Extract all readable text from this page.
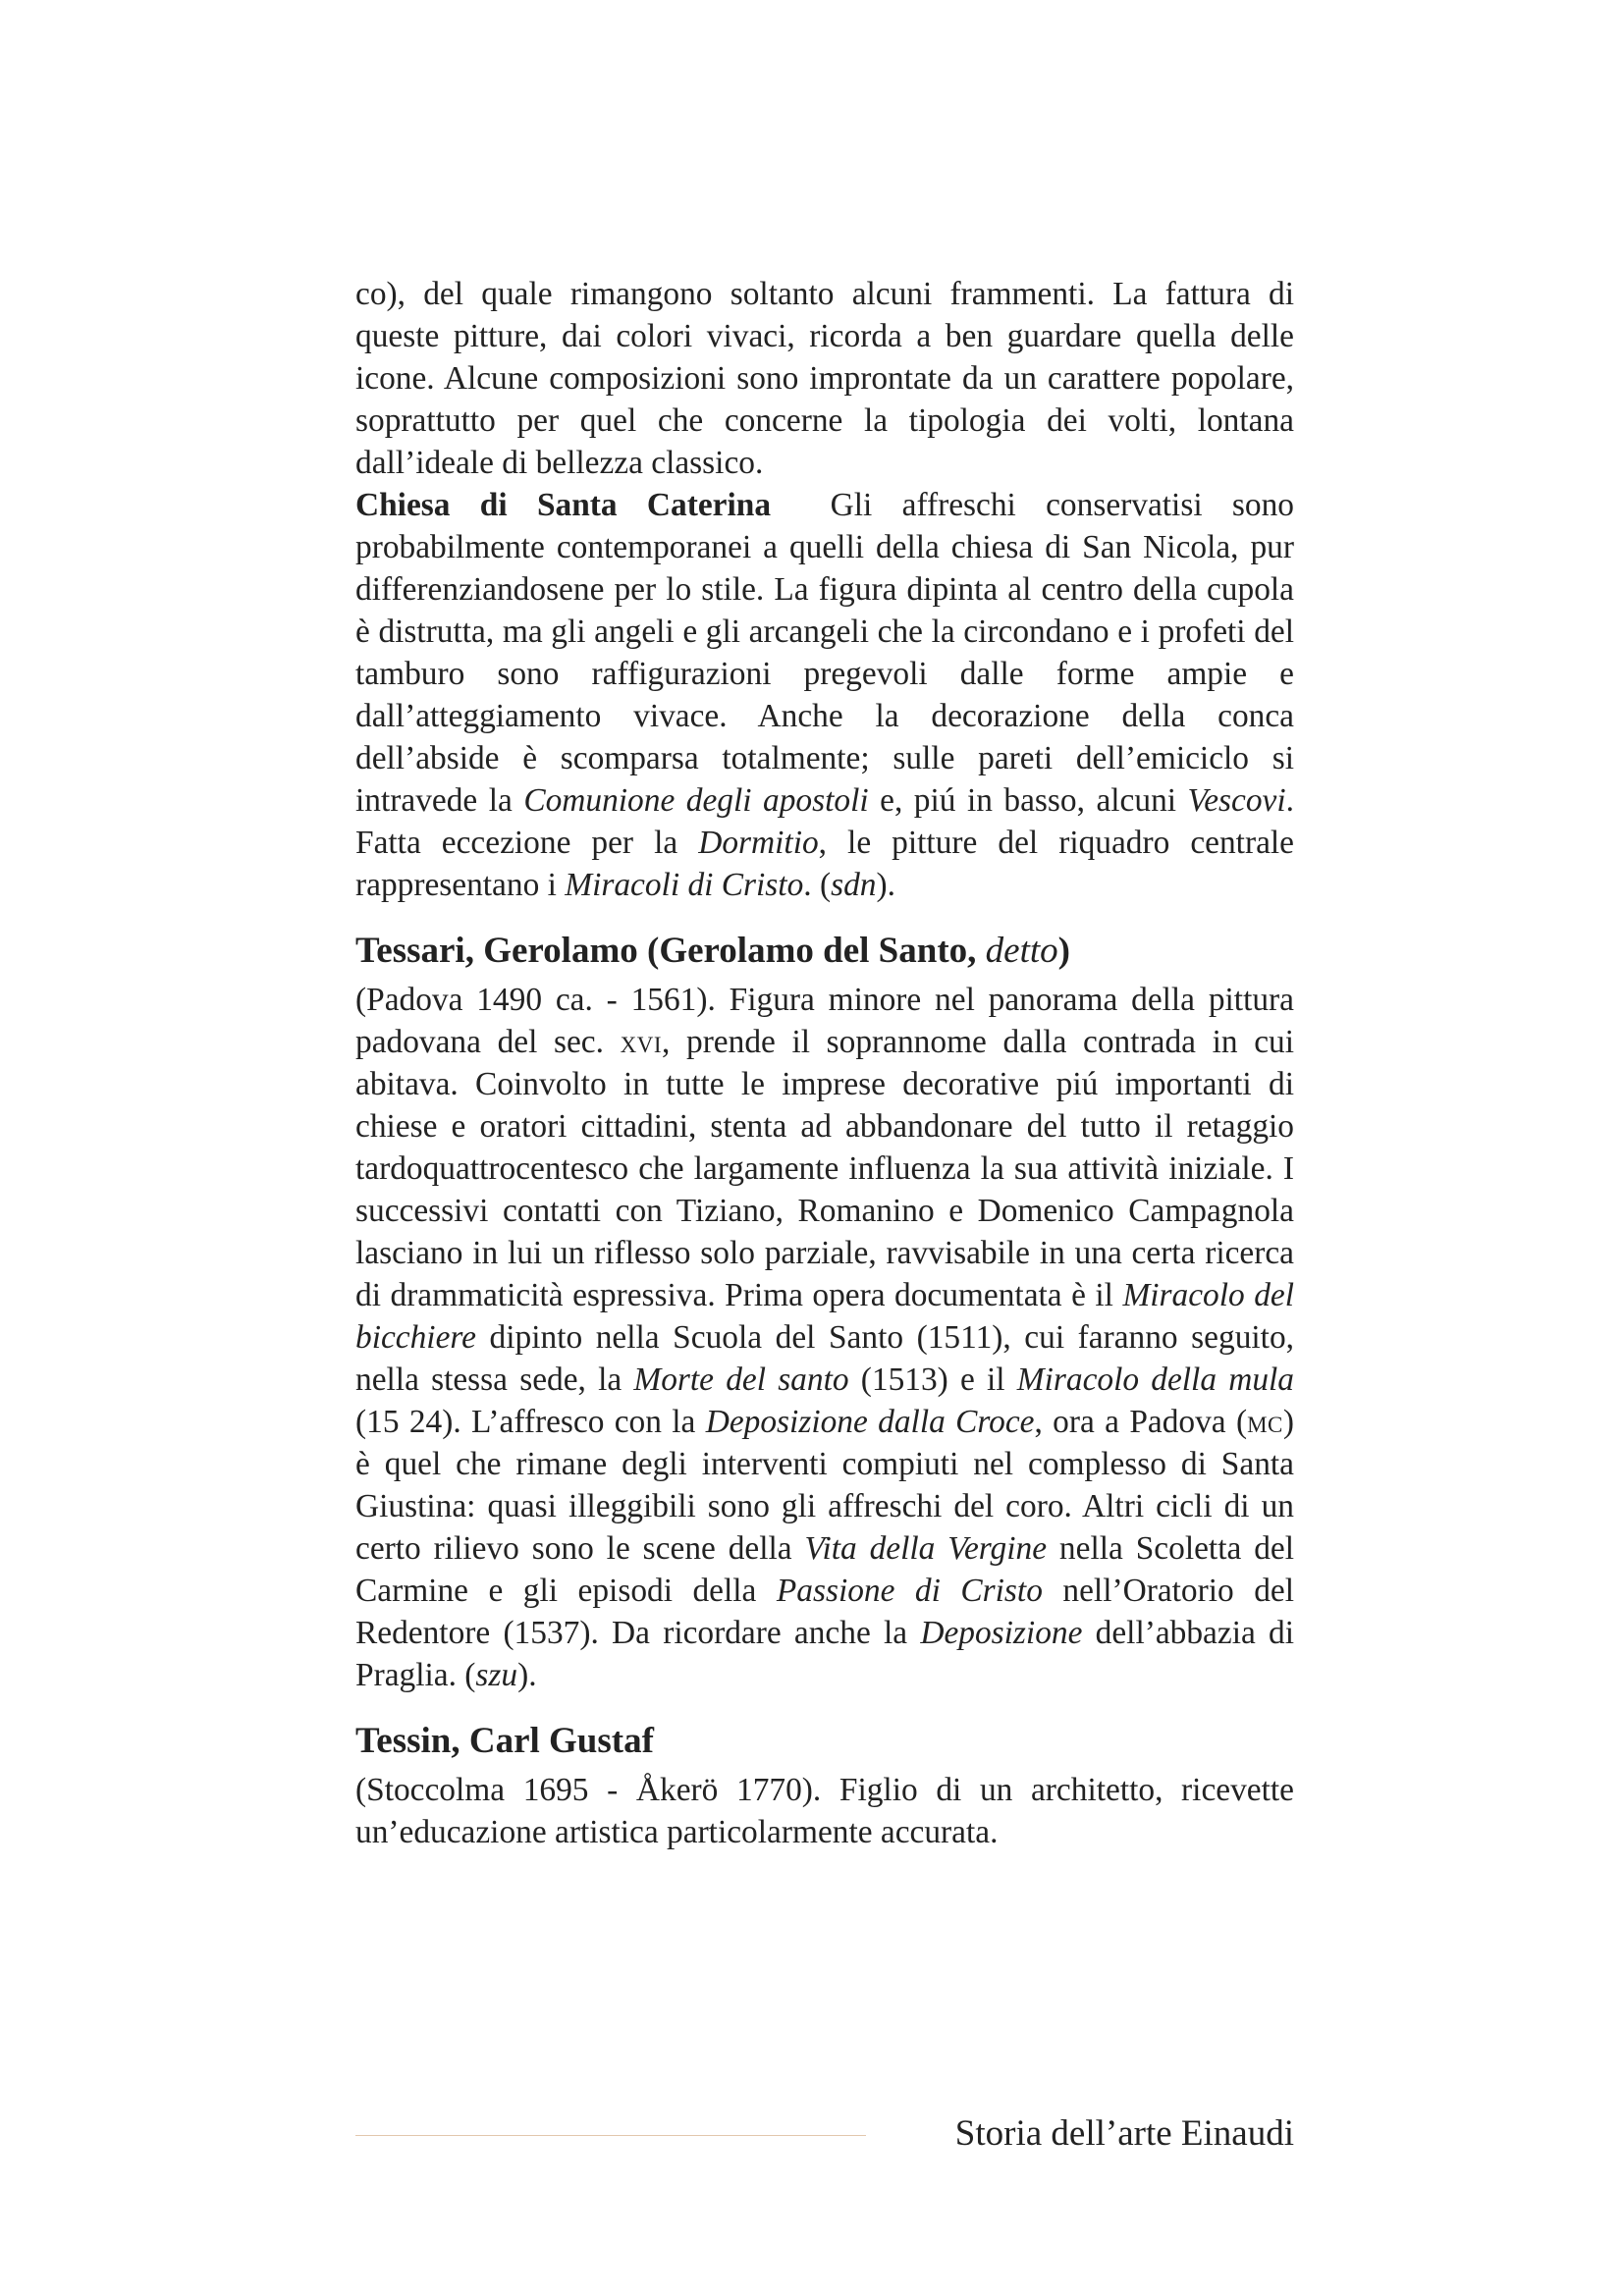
co), del quale rimangono soltanto alcuni frammenti. La fattura di queste pitture, dai colori vivaci, ricorda a ben guardare quella delle icone. Alcune composizioni sono improntate da un carattere popolare, soprattutto per quel che concerne la tipologia dei volti, lontana dall’ideale di bellezza classico.

Chiesa di Santa Caterina Gli affreschi conservatisi sono probabilmente contemporanei a quelli della chiesa di San Nicola, pur differenziandosene per lo stile. La figura dipinta al centro della cupola è distrutta, ma gli angeli e gli arcangeli che la circondano e i profeti del tamburo sono raffigurazioni pregevoli dalle forme ampie e dall’atteggiamento vivace. Anche la decorazione della conca dell’abside è scomparsa totalmente; sulle pareti dell’emiciclo si intravede la Comunione degli apostoli e, piú in basso, alcuni Vescovi. Fatta eccezione per la Dormitio, le pitture del riquadro centrale rappresentano i Miracoli di Cristo. (sdn).

Tessari, Gerolamo (Gerolamo del Santo, detto)

(Padova 1490 ca. - 1561). Figura minore nel panorama della pittura padovana del sec. xvi, prende il soprannome dalla contrada in cui abitava. Coinvolto in tutte le imprese decorative piú importanti di chiese e oratori cittadini, stenta ad abbandonare del tutto il retaggio tardoquattrocentesco che largamente influenza la sua attività iniziale. I successivi contatti con Tiziano, Romanino e Domenico Campagnola lasciano in lui un riflesso solo parziale, ravvisabile in una certa ricerca di drammaticità espressiva. Prima opera documentata è il Miracolo del bicchiere dipinto nella Scuola del Santo (1511), cui faranno seguito, nella stessa sede, la Morte del santo (1513) e il Miracolo della mula (15 24). L’affresco con la Deposizione dalla Croce, ora a Padova (mc) è quel che rimane degli interventi compiuti nel complesso di Santa Giustina: quasi illeggibili sono gli affreschi del coro. Altri cicli di un certo rilievo sono le scene della Vita della Vergine nella Scoletta del Carmine e gli episodi della Passione di Cristo nell’Oratorio del Redentore (1537). Da ricordare anche la Deposizione dell’abbazia di Praglia. (szu).

Tessin, Carl Gustaf

(Stoccolma 1695 - Åkerö 1770). Figlio di un architetto, ricevette un’educazione artistica particolarmente accurata.

Storia dell’arte Einaudi
